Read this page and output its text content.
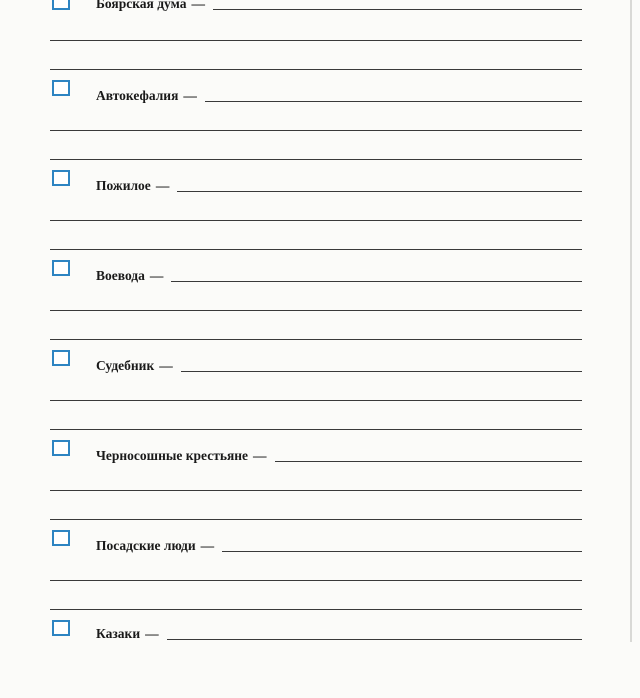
Боярская дума —
Автокефалия —
Пожилое —
Воевода —
Судебник —
Черносошные крестьяне —
Посадские люди —
Казаки —
